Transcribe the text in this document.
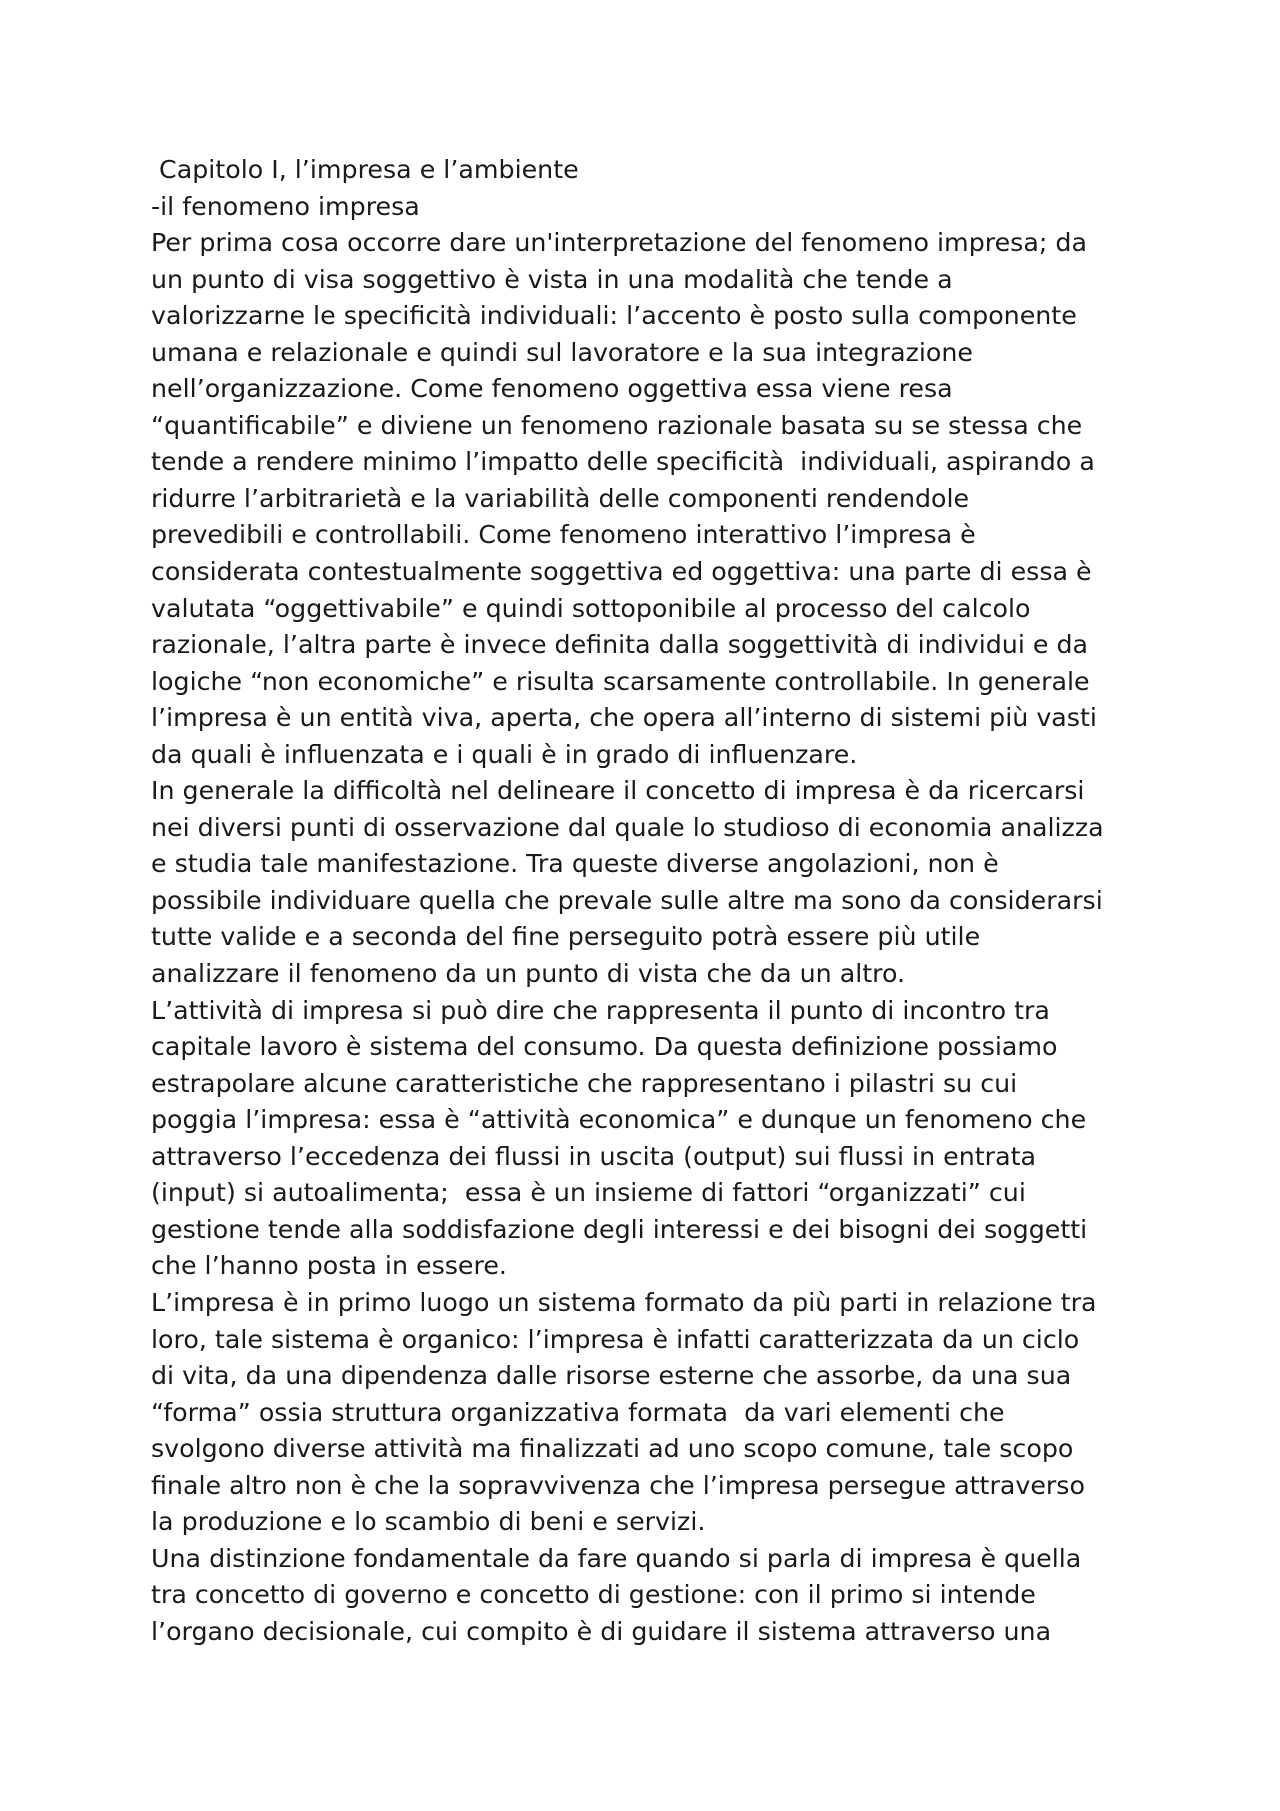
Capitolo I, l’impresa e l’ambiente
-il fenomeno impresa
Per prima cosa occorre dare un'interpretazione del fenomeno impresa; da
un punto di visa soggettivo è vista in una modalità che tende a
valorizzarne le specificità individuali: l’accento è posto sulla componente
umana e relazionale e quindi sul lavoratore e la sua integrazione
nell’organizzazione. Come fenomeno oggettiva essa viene resa
“quantificabile” e diviene un fenomeno razionale basata su se stessa che
tende a rendere minimo l’impatto delle specificità  individuali, aspirando a
ridurre l’arbitrarietà e la variabilità delle componenti rendendole
prevedibili e controllabili. Come fenomeno interattivo l’impresa è
considerata contestualmente soggettiva ed oggettiva: una parte di essa è
valutata “oggettivabile” e quindi sottoponibile al processo del calcolo
razionale, l’altra parte è invece definita dalla soggettività di individui e da
logiche “non economiche” e risulta scarsamente controllabile. In generale
l’impresa è un entità viva, aperta, che opera all’interno di sistemi più vasti
da quali è influenzata e i quali è in grado di influenzare.
In generale la difficoltà nel delineare il concetto di impresa è da ricercarsi
nei diversi punti di osservazione dal quale lo studioso di economia analizza
e studia tale manifestazione. Tra queste diverse angolazioni, non è
possibile individuare quella che prevale sulle altre ma sono da considerarsi
tutte valide e a seconda del fine perseguito potrà essere più utile
analizzare il fenomeno da un punto di vista che da un altro.
L’attività di impresa si può dire che rappresenta il punto di incontro tra
capitale lavoro è sistema del consumo. Da questa definizione possiamo
estrapolare alcune caratteristiche che rappresentano i pilastri su cui
poggia l’impresa: essa è “attività economica” e dunque un fenomeno che
attraverso l’eccedenza dei flussi in uscita (output) sui flussi in entrata
(input) si autoalimenta;  essa è un insieme di fattori “organizzati” cui
gestione tende alla soddisfazione degli interessi e dei bisogni dei soggetti
che l’hanno posta in essere.
L’impresa è in primo luogo un sistema formato da più parti in relazione tra
loro, tale sistema è organico: l’impresa è infatti caratterizzata da un ciclo
di vita, da una dipendenza dalle risorse esterne che assorbe, da una sua
“forma” ossia struttura organizzativa formata  da vari elementi che
svolgono diverse attività ma finalizzati ad uno scopo comune, tale scopo
finale altro non è che la sopravvivenza che l’impresa persegue attraverso
la produzione e lo scambio di beni e servizi.
Una distinzione fondamentale da fare quando si parla di impresa è quella
tra concetto di governo e concetto di gestione: con il primo si intende
l’organo decisionale, cui compito è di guidare il sistema attraverso una
